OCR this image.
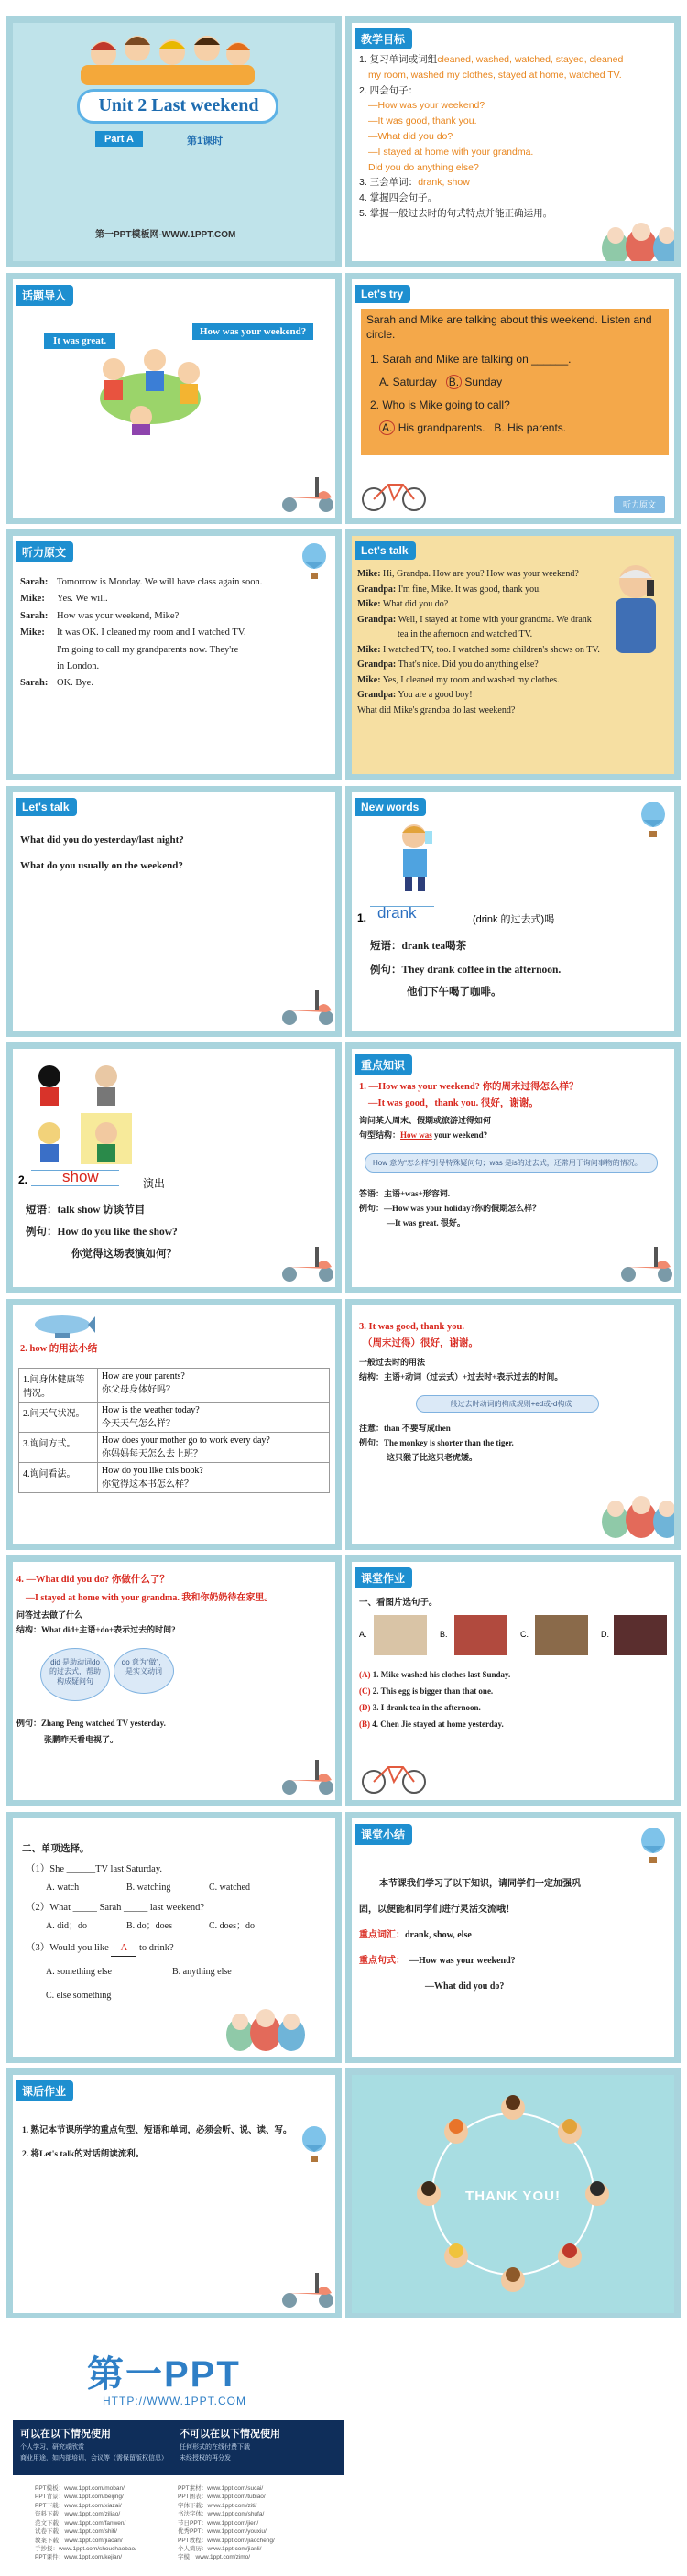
Unit 2 Last weekend
Part A	第1课时
第一PPT模板网-WWW.1PPT.COM
教学目标
1. 复习单词或词组cleaned, washed, watched, stayed, cleaned
my room, washed my clothes, stayed at home, watched TV.
2. 四会句子：
—How was your weekend?
—It was good, thank you.
—What did you do?
—I stayed at home with your grandma.
Did you do anything else?
3. 三会单词：drank, show
4. 掌握四会句子。
5. 掌握一般过去时的句式特点并能正确运用。
话题导入
It was great.
How was your weekend?
Let's try
Sarah and Mike are talking about this weekend. Listen and circle.
1. Sarah and Mike are talking on ______.
A. Saturday B. Sunday
2. Who is Mike going to call?
A. His grandparents. B. His parents.
听力原文
听力原文
Sarah: Tomorrow is Monday. We will have class again soon.
Mike: Yes. We will.
Sarah: How was your weekend, Mike?
Mike: It was OK. I cleaned my room and I watched TV.
I'm going to call my grandparents now. They're
in London.
Sarah: OK. Bye.
Let's talk
Mike: Hi, Grandpa. How are you? How was your weekend?
Grandpa: I'm fine, Mike. It was good, thank you.
Mike: What did you do?
Grandpa: Well, I stayed at home with your grandma. We drank
tea in the afternoon and watched TV.
Mike: I watched TV, too. I watched some children's shows on TV.
Grandpa: That's nice. Did you do anything else?
Mike: Yes, I cleaned my room and washed my clothes.
Grandpa: You are a good boy!
What did Mike's grandpa do last weekend?
Let's talk
What did you do yesterday/last night?
What do you usually on the weekend?
New words
1. drank	(drink 的过去式)喝
短语：drank tea喝茶
例句：They drank coffee in the afternoon.
他们下午喝了咖啡。
2. show	演出
短语：talk show 访谈节目
例句：How do you like the show?
你觉得这场表演如何？
重点知识
1. —How was your weekend? 你的周末过得怎么样？
—It was good，thank you. 很好，谢谢。
询问某人周末、假期或旅游过得如何
句型结构：How was your weekend?
How 意为“怎么样”引导特殊疑问句；was 是is的过去式，还常用于询问事物的情况。
答语：主语+was+形容词.
例句：—How was your holiday?你的假期怎么样？
—It was great. 很好。
2. how 的用法小结
1.问身体健康等情况。	How are your parents?
你父母身体好吗？

2.问天气状况。	How is the weather today?
今天天气怎么样？

3.询问方式。	How does your mother go to work every day?
你妈妈每天怎么去上班？

4.询问看法。	How do you like this book?
你觉得这本书怎么样？
3. It was good, thank you.
（周末过得）很好，谢谢。
一般过去时的用法
结构：主语+动词（过去式）+过去时+表示过去的时间。
一般过去时动词的构成规则+ed或-d构成
注意：than 不要写成then
例句：The monkey is shorter than the tiger.
这只猴子比这只老虎矮。
4. —What did you do? 你做什么了？
—I stayed at home with your grandma. 我和你奶奶待在家里。
问答过去做了什么
结构：What did+主语+do+表示过去的时间?
did 是助动词do的过去式，帮助构成疑问句
do 意为“做”，是实义动词
例句：Zhang Peng watched TV yesterday.
张鹏昨天看电视了。
课堂作业
一、看图片选句子。
A.	B.	C.	D.
(A) 1. Mike washed his clothes last Sunday.
(C) 2. This egg is bigger than that one.
(D) 3. I drank tea in the afternoon.
(B) 4. Chen Jie stayed at home yesterday.
二、单项选择。
（1）She ______TV last Saturday.
A. watch	B. watching	C. watched
（2）What _____ Sarah _____ last weekend?
A. did；do	B. do；does	C. does；do
（3）Would you like A to drink?
A. something else	B. anything else
C. else something
课堂小结
本节课我们学习了以下知识，请同学们一定加强巩
固，以便能和同学们进行灵活交流哦！
重点词汇：drank, show, else
重点句式： —How was your weekend?
—What did you do?
课后作业
1. 熟记本节课所学的重点句型、短语和单词，必须会听、说、读、写。
2. 将Let's talk的对话朗读流利。
THANK YOU!
第一PPT
HTTP://WWW.1PPT.COM
可以在以下情况使用
个人学习、研究或欣赏
商业用途，如内部培训、会议等（需保留版权信息）
不可以在以下情况使用
任何形式的在线付费下载
未经授权的再分发
PPT模板：www.1ppt.com/moban/
PPT背景：www.1ppt.com/beijing/
PPT下载：www.1ppt.com/xiazai/
资料下载：www.1ppt.com/ziliao/
范文下载：www.1ppt.com/fanwen/
试卷下载：www.1ppt.com/shiti/
教案下载：www.1ppt.com/jiaoan/
手抄报：www.1ppt.com/shouchaobao/
PPT课件：www.1ppt.com/kejian/
PPT素材：www.1ppt.com/sucai/
PPT图表：www.1ppt.com/tubiao/
字体下载：www.1ppt.com/ziti/
书法字体：www.1ppt.com/shufa/
节日PPT：www.1ppt.com/jieri/
优秀PPT：www.1ppt.com/youxiu/
PPT教程：www.1ppt.com/jiaocheng/
个人简历：www.1ppt.com/jianli/
字模：www.1ppt.com/zimo/
